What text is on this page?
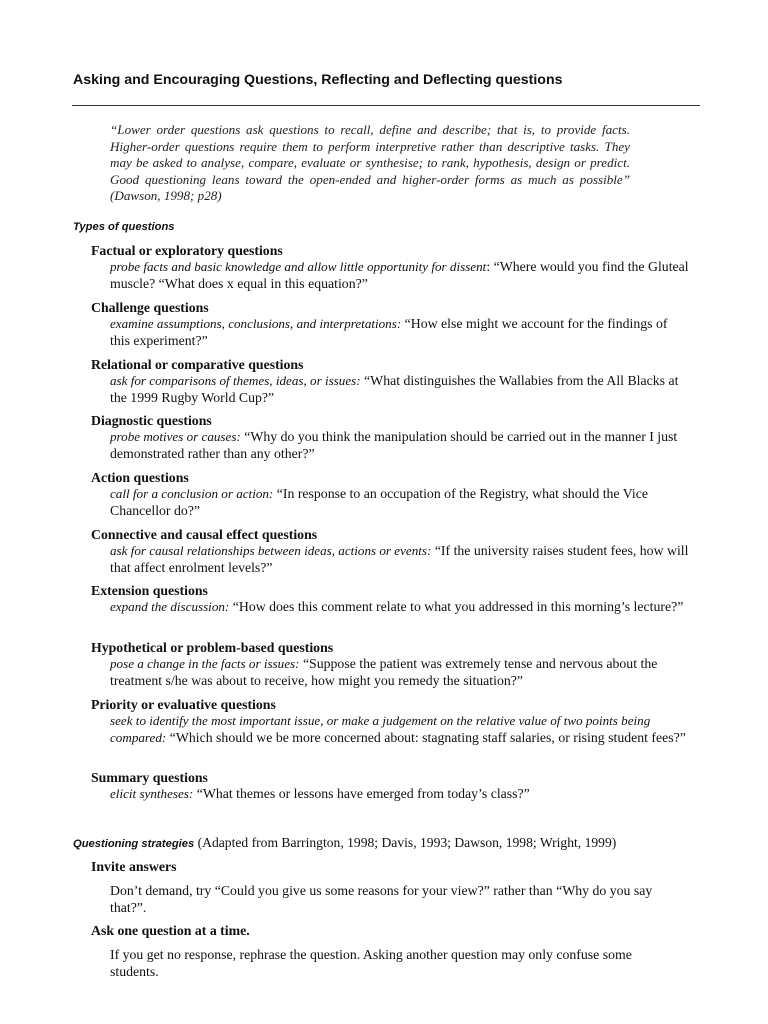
Asking and Encouraging Questions, Reflecting and Deflecting questions
“Lower order questions ask questions to recall, define and describe; that is, to provide facts. Higher-order questions require them to perform interpretive rather than descriptive tasks. They may be asked to analyse, compare, evaluate or synthesise; to rank, hypothesis, design or predict. Good questioning leans toward the open-ended and higher-order forms as much as possible” (Dawson, 1998; p28)
Types of questions
Factual or exploratory questions
probe facts and basic knowledge and allow little opportunity for dissent: “Where would you find the Gluteal muscle? “What does x equal in this equation?”
Challenge questions
examine assumptions, conclusions, and interpretations: “How else might we account for the findings of this experiment?”
Relational or comparative questions
ask for comparisons of themes, ideas, or issues: “What distinguishes the Wallabies from the All Blacks at the 1999 Rugby World Cup?”
Diagnostic questions
probe motives or causes: “Why do you think the manipulation should be carried out in the manner I just demonstrated rather than any other?”
Action questions
call for a conclusion or action: “In response to an occupation of the Registry, what should the Vice Chancellor do?”
Connective and causal effect questions
ask for causal relationships between ideas, actions or events: “If the university raises student fees, how will that affect enrolment levels?”
Extension questions
expand the discussion: “How does this comment relate to what you addressed in this morning’s lecture?”
Hypothetical or problem-based questions
pose a change in the facts or issues: “Suppose the patient was extremely tense and nervous about the treatment s/he was about to receive, how might you remedy the situation?”
Priority or evaluative questions
seek to identify the most important issue, or make a judgement on the relative value of two points being compared: “Which should we be more concerned about: stagnating staff salaries, or rising student fees?”
Summary questions
elicit syntheses: “What themes or lessons have emerged from today’s class?”
Questioning strategies (Adapted from Barrington, 1998; Davis, 1993; Dawson, 1998; Wright, 1999)
Invite answers
Don’t demand, try “Could you give us some reasons for your view?” rather than “Why do you say that?”.
Ask one question at a time.
If you get no response, rephrase the question. Asking another question may only confuse some students.
